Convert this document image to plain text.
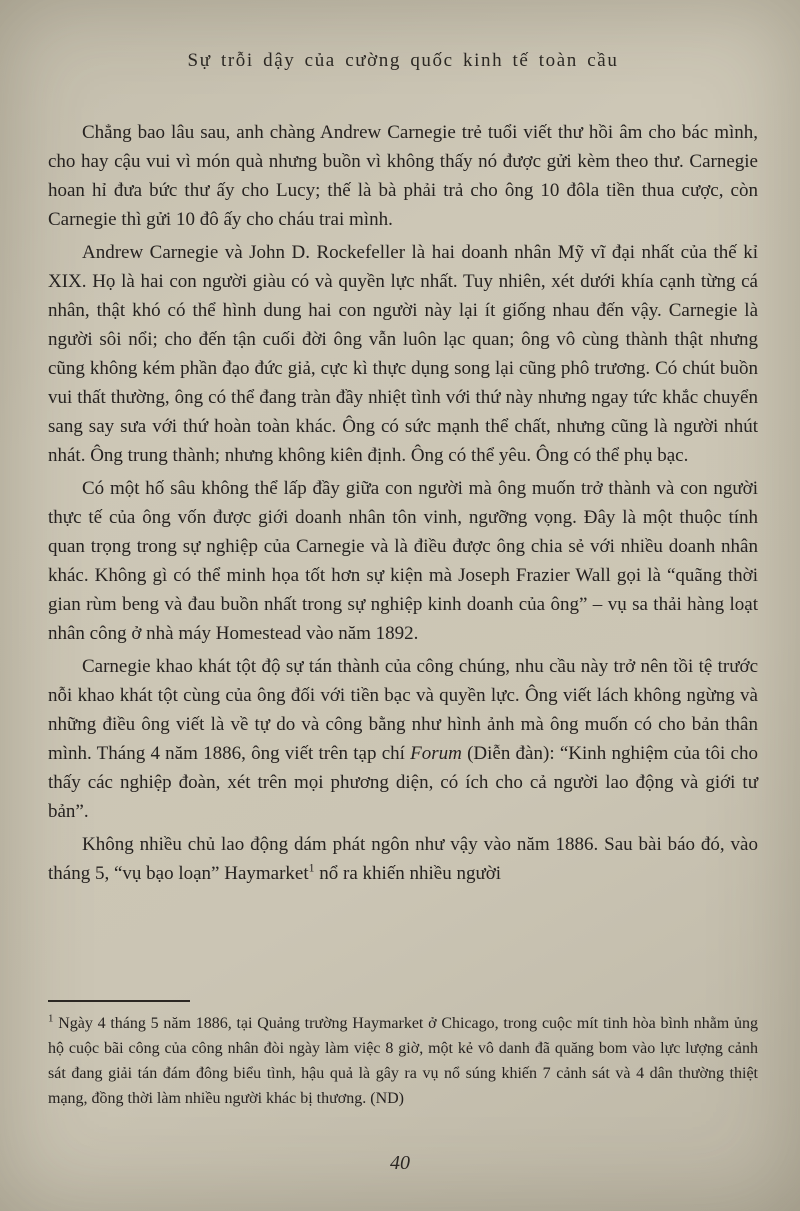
Sự trỗi dậy của cường quốc kinh tế toàn cầu

Chẳng bao lâu sau, anh chàng Andrew Carnegie trẻ tuổi viết thư hồi âm cho bác mình, cho hay cậu vui vì món quà nhưng buồn vì không thấy nó được gửi kèm theo thư. Carnegie hoan hỉ đưa bức thư ấy cho Lucy; thế là bà phải trả cho ông 10 đôla tiền thua cược, còn Carnegie thì gửi 10 đô ấy cho cháu trai mình.

Andrew Carnegie và John D. Rockefeller là hai doanh nhân Mỹ vĩ đại nhất của thế kỉ XIX. Họ là hai con người giàu có và quyền lực nhất. Tuy nhiên, xét dưới khía cạnh từng cá nhân, thật khó có thể hình dung hai con người này lại ít giống nhau đến vậy. Carnegie là người sôi nổi; cho đến tận cuối đời ông vẫn luôn lạc quan; ông vô cùng thành thật nhưng cũng không kém phần đạo đức giả, cực kì thực dụng song lại cũng phô trương. Có chút buồn vui thất thường, ông có thể đang tràn đầy nhiệt tình với thứ này nhưng ngay tức khắc chuyển sang say sưa với thứ hoàn toàn khác. Ông có sức mạnh thể chất, nhưng cũng là người nhút nhát. Ông trung thành; nhưng không kiên định. Ông có thể yêu. Ông có thể phụ bạc.

Có một hố sâu không thể lấp đầy giữa con người mà ông muốn trở thành và con người thực tế của ông vốn được giới doanh nhân tôn vinh, ngưỡng vọng. Đây là một thuộc tính quan trọng trong sự nghiệp của Carnegie và là điều được ông chia sẻ với nhiều doanh nhân khác. Không gì có thể minh họa tốt hơn sự kiện mà Joseph Frazier Wall gọi là “quãng thời gian rùm beng và đau buồn nhất trong sự nghiệp kinh doanh của ông” – vụ sa thải hàng loạt nhân công ở nhà máy Homestead vào năm 1892.

Carnegie khao khát tột độ sự tán thành của công chúng, nhu cầu này trở nên tồi tệ trước nỗi khao khát tột cùng của ông đối với tiền bạc và quyền lực. Ông viết lách không ngừng và những điều ông viết là về tự do và công bằng như hình ảnh mà ông muốn có cho bản thân mình. Tháng 4 năm 1886, ông viết trên tạp chí Forum (Diễn đàn): “Kinh nghiệm của tôi cho thấy các nghiệp đoàn, xét trên mọi phương diện, có ích cho cả người lao động và giới tư bản”.

Không nhiều chủ lao động dám phát ngôn như vậy vào năm 1886. Sau bài báo đó, vào tháng 5, “vụ bạo loạn” Haymarket$^1$ nổ ra khiến nhiều người

$^1$ Ngày 4 tháng 5 năm 1886, tại Quảng trường Haymarket ở Chicago, trong cuộc mít tinh hòa bình nhằm ủng hộ cuộc bãi công của công nhân đòi ngày làm việc 8 giờ, một kẻ vô danh đã quăng bom vào lực lượng cảnh sát đang giải tán đám đông biểu tình, hậu quả là gây ra vụ nổ súng khiến 7 cảnh sát và 4 dân thường thiệt mạng, đồng thời làm nhiều người khác bị thương. (ND)

40
